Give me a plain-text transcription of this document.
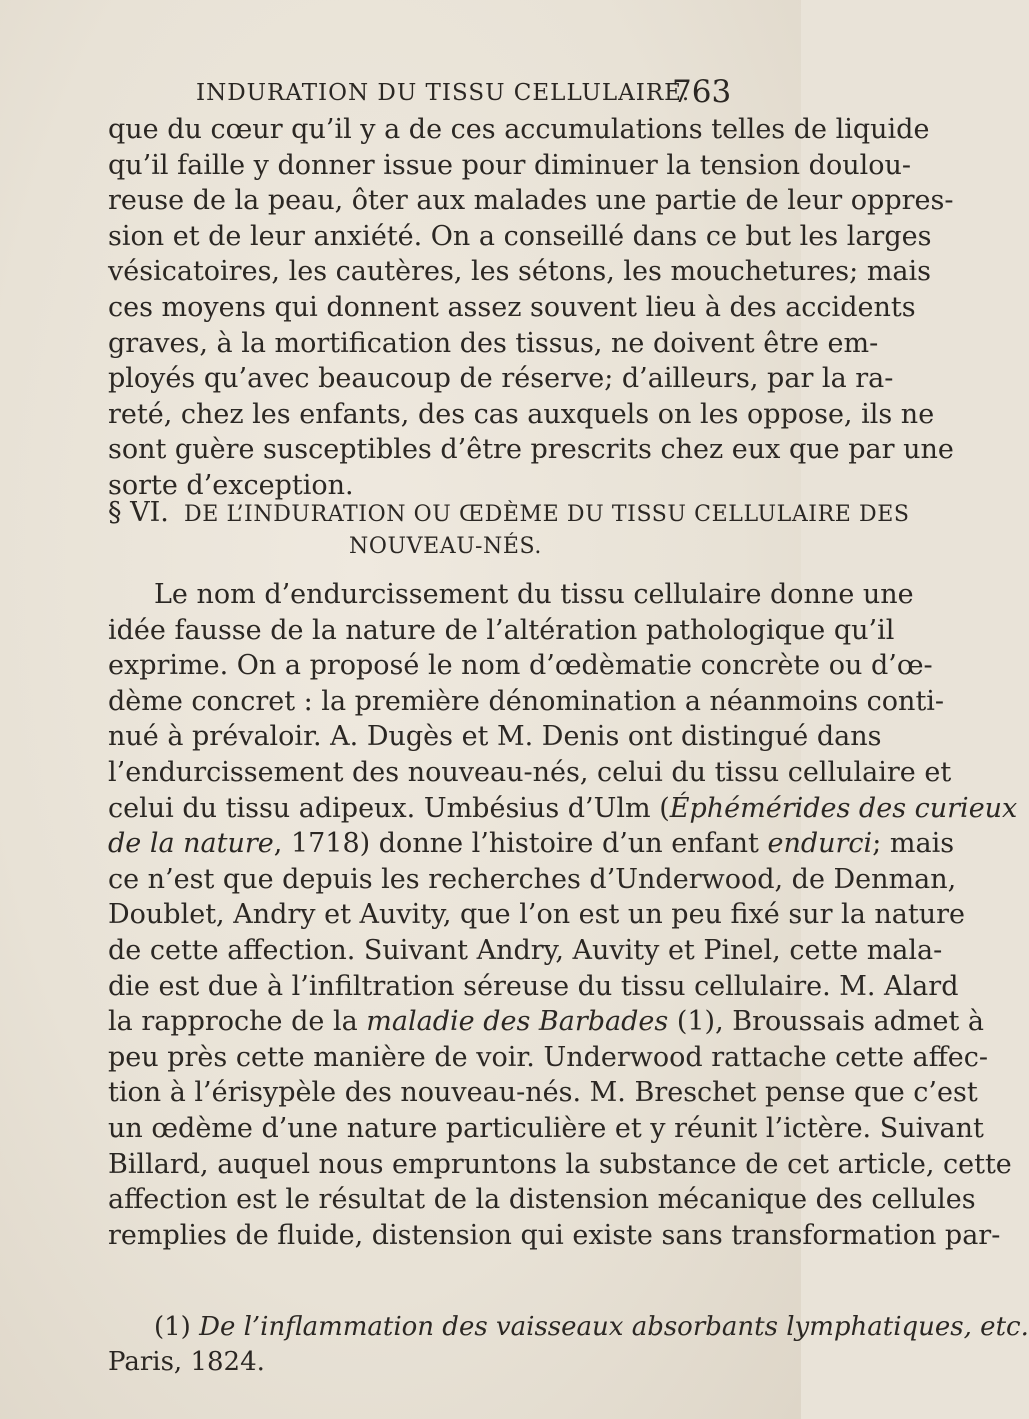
INDURATION DU TISSU CELLULAIRE.
763
que du cœur qu’il y a de ces accumulations telles de liquide
qu’il faille y donner issue pour diminuer la tension doulou-
reuse de la peau, ôter aux malades une partie de leur oppres-
sion et de leur anxiété. On a conseillé dans ce but les larges
vésicatoires, les cautères, les sétons, les mouchetures; mais
ces moyens qui donnent assez souvent lieu à des accidents
graves, à la mortification des tissus, ne doivent être em-
ployés qu’avec beaucoup de réserve; d’ailleurs, par la ra-
reté, chez les enfants, des cas auxquels on les oppose, ils ne
sont guère susceptibles d’être prescrits chez eux que par une
sorte d’exception.
§ VI. DE L’INDURATION OU ŒDÈME DU TISSU CELLULAIRE DES
NOUVEAU-NÉS.
Le nom d’endurcissement du tissu cellulaire donne une
idée fausse de la nature de l’altération pathologique qu’il
exprime. On a proposé le nom d’œdèmatie concrète ou d’œ-
dème concret : la première dénomination a néanmoins conti-
nué à prévaloir. A. Dugès et M. Denis ont distingué dans
l’endurcissement des nouveau-nés, celui du tissu cellulaire et
celui du tissu adipeux. Umbésius d’Ulm (Éphémérides des curieux
de la nature, 1718) donne l’histoire d’un enfant endurci; mais
ce n’est que depuis les recherches d’Underwood, de Denman,
Doublet, Andry et Auvity, que l’on est un peu fixé sur la nature
de cette affection. Suivant Andry, Auvity et Pinel, cette mala-
die est due à l’infiltration séreuse du tissu cellulaire. M. Alard
la rapproche de la maladie des Barbades (1), Broussais admet à
peu près cette manière de voir. Underwood rattache cette affec-
tion à l’érisypèle des nouveau-nés. M. Breschet pense que c’est
un œdème d’une nature particulière et y réunit l’ictère. Suivant
Billard, auquel nous empruntons la substance de cet article, cette
affection est le résultat de la distension mécanique des cellules
remplies de fluide, distension qui existe sans transformation par-
(1) De l’inflammation des vaisseaux absorbants lymphatiques, etc.
Paris, 1824.
